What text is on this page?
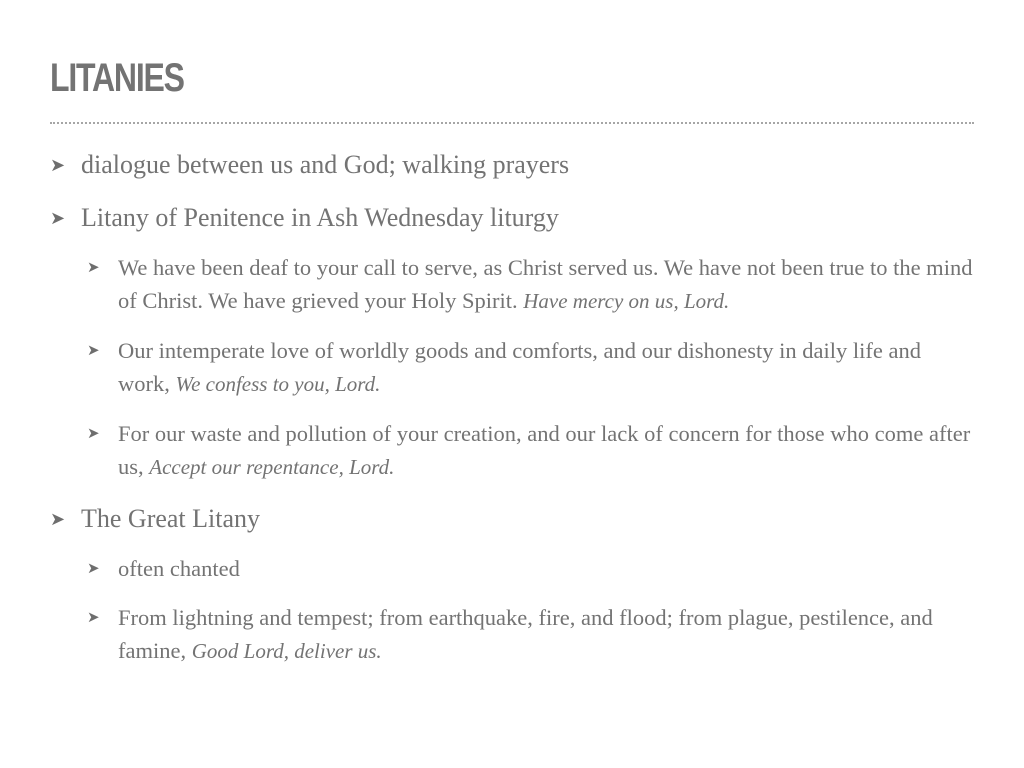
LITANIES
➤ dialogue between us and God; walking prayers
➤ Litany of Penitence in Ash Wednesday liturgy
➤ We have been deaf to your call to serve, as Christ served us. We have not been true to the mind of Christ. We have grieved your Holy Spirit. Have mercy on us, Lord.
➤ Our intemperate love of worldly goods and comforts, and our dishonesty in daily life and work, We confess to you, Lord.
➤ For our waste and pollution of your creation, and our lack of concern for those who come after us, Accept our repentance, Lord.
➤ The Great Litany
➤ often chanted
➤ From lightning and tempest; from earthquake, fire, and flood; from plague, pestilence, and famine, Good Lord, deliver us.
